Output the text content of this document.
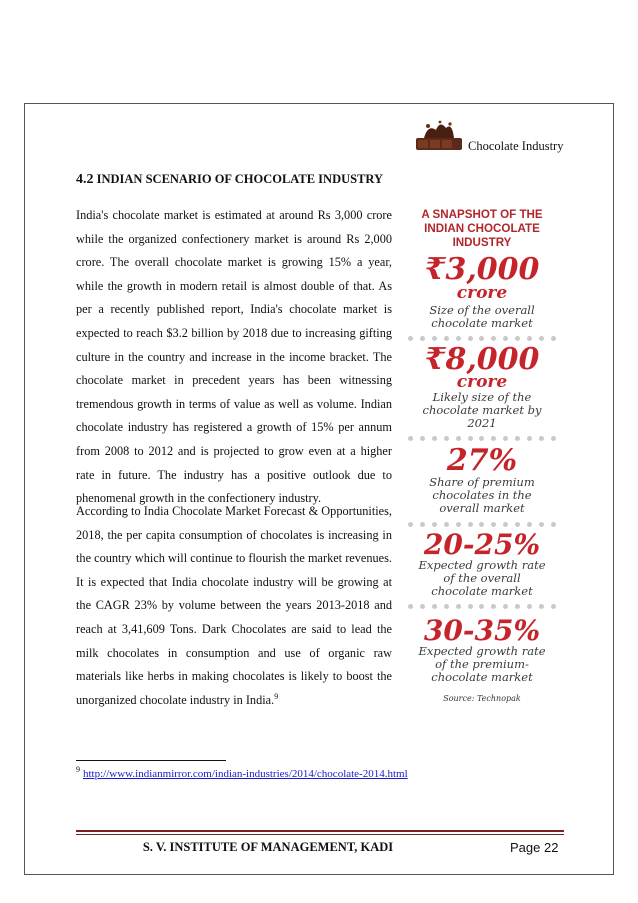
Chocolate Industry
4.2 INDIAN SCENARIO OF CHOCOLATE INDUSTRY

India's chocolate market is estimated at around Rs 3,000 crore while the organized confectionery market is around Rs 2,000 crore. The overall chocolate market is growing 15% a year, while the growth in modern retail is almost double of that. As per a recently published report, India's chocolate market is expected to reach $3.2 billion by 2018 due to increasing gifting culture in the country and increase in the income bracket. The chocolate market in precedent years has been witnessing tremendous growth in terms of value as well as volume. Indian chocolate industry has registered a growth of 15% per annum from 2008 to 2012 and is projected to grow even at a higher rate in future. The industry has a positive outlook due to phenomenal growth in the confectionery industry.

According to India Chocolate Market Forecast & Opportunities, 2018, the per capita consumption of chocolates is increasing in the country which will continue to flourish the market revenues. It is expected that India chocolate industry will be growing at the CAGR 23% by volume between the years 2013-2018 and reach at 3,41,609 Tons. Dark Chocolates are said to lead the milk chocolates in consumption and use of organic raw materials like herbs in making chocolates is likely to boost the unorganized chocolate industry in India.$^9$

A SNAPSHOT OF THE INDIAN CHOCOLATE INDUSTRY
₹3,000
crore
Size of the overall chocolate market
₹8,000
crore
Likely size of the chocolate market by 2021
27%
Share of premium chocolates in the overall market
20-25%
Expected growth rate of the overall chocolate market
30-35%
Expected growth rate of the premium-chocolate market
Source: Technopak
$^9$ http://www.indianmirror.com/indian-industries/2014/chocolate-2014.html
S. V. INSTITUTE OF MANAGEMENT, KADI	Page 22
